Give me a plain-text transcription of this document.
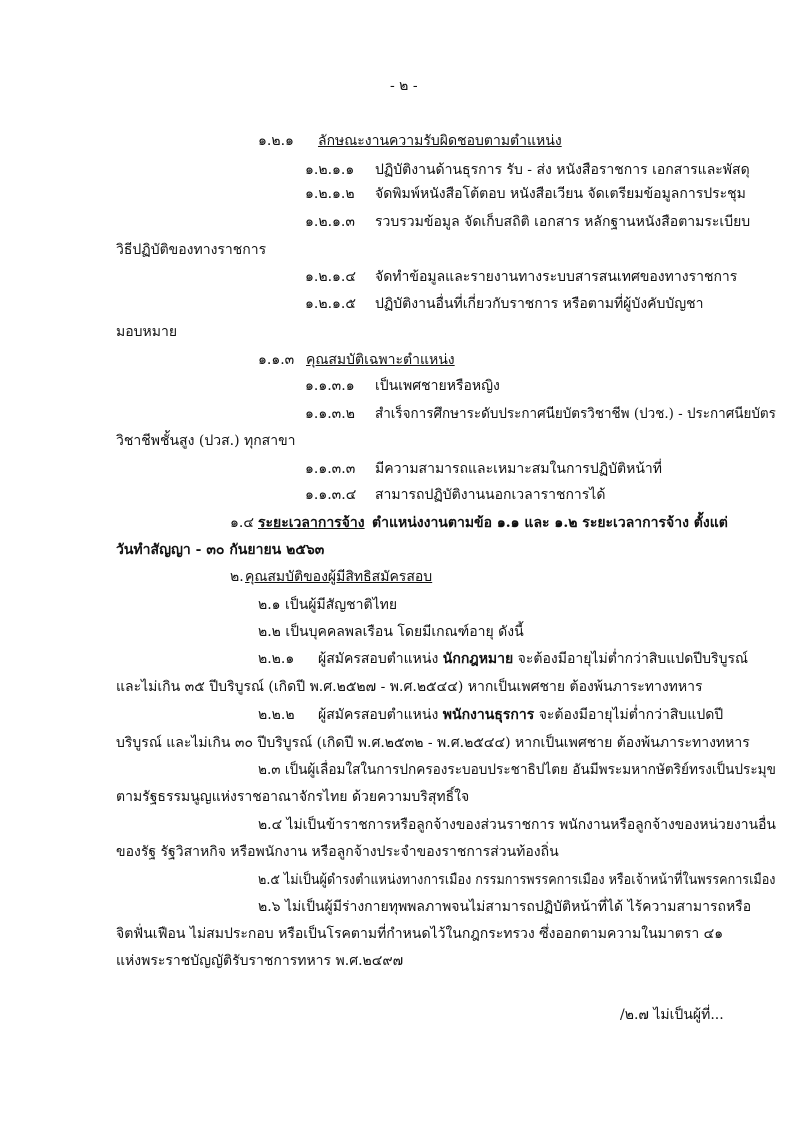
- ๒ -
๑.๒.๑ ลักษณะงานความรับผิดชอบตามตำแหน่ง
๑.๒.๑.๑ ปฏิบัติงานด้านธุรการ รับ - ส่ง หนังสือราชการ เอกสารและพัสดุ
๑.๒.๑.๒ จัดพิมพ์หนังสือโต้ตอบ หนังสือเวียน จัดเตรียมข้อมูลการประชุม
๑.๒.๑.๓ รวบรวมข้อมูล จัดเก็บสถิติ เอกสาร หลักฐานหนังสือตามระเบียบ
วิธีปฏิบัติของทางราชการ
๑.๒.๑.๔ จัดทำข้อมูลและรายงานทางระบบสารสนเทศของทางราชการ
๑.๒.๑.๕ ปฏิบัติงานอื่นที่เกี่ยวกับราชการ หรือตามที่ผู้บังคับบัญชา
มอบหมาย
๑.๑.๓ คุณสมบัติเฉพาะตำแหน่ง
๑.๑.๓.๑ เป็นเพศชายหรือหญิง
๑.๑.๓.๒ สำเร็จการศึกษาระดับประกาศนียบัตรวิชาชีพ (ปวช.) - ประกาศนียบัตร
วิชาชีพชั้นสูง (ปวส.) ทุกสาขา
๑.๑.๓.๓ มีความสามารถและเหมาะสมในการปฏิบัติหน้าที่
๑.๑.๓.๔ สามารถปฏิบัติงานนอกเวลาราชการได้
๑.๔ ระยะเวลาการจ้าง ตำแหน่งงานตามข้อ ๑.๑ และ ๑.๒ ระยะเวลาการจ้าง ตั้งแต่
วันทำสัญญา - ๓๐ กันยายน ๒๕๖๓
๒. คุณสมบัติของผู้มีสิทธิสมัครสอบ
๒.๑ เป็นผู้มีสัญชาติไทย
๒.๒ เป็นบุคคลพลเรือน โดยมีเกณฑ์อายุ ดังนี้
๒.๒.๑ ผู้สมัครสอบตำแหน่ง นักกฎหมาย จะต้องมีอายุไม่ต่ำกว่าสิบแปดปีบริบูรณ์
และไม่เกิน ๓๕ ปีบริบูรณ์ (เกิดปี พ.ศ.๒๕๒๗ - พ.ศ.๒๕๔๔) หากเป็นเพศชาย ต้องพ้นภาระทางทหาร
๒.๒.๒ ผู้สมัครสอบตำแหน่ง พนักงานธุรการ จะต้องมีอายุไม่ต่ำกว่าสิบแปดปี
บริบูรณ์ และไม่เกิน ๓๐ ปีบริบูรณ์ (เกิดปี พ.ศ.๒๕๓๒ - พ.ศ.๒๕๔๔) หากเป็นเพศชาย ต้องพ้นภาระทางทหาร
๒.๓ เป็นผู้เลื่อมใสในการปกครองระบอบประชาธิปไตย อันมีพระมหากษัตริย์ทรงเป็นประมุข
ตามรัฐธรรมนูญแห่งราชอาณาจักรไทย ด้วยความบริสุทธิ์ใจ
๒.๔ ไม่เป็นข้าราชการหรือลูกจ้างของส่วนราชการ พนักงานหรือลูกจ้างของหน่วยงานอื่น
ของรัฐ รัฐวิสาหกิจ หรือพนักงาน หรือลูกจ้างประจำของราชการส่วนท้องถิ่น
๒.๕ ไม่เป็นผู้ดำรงตำแหน่งทางการเมือง กรรมการพรรคการเมือง หรือเจ้าหน้าที่ในพรรคการเมือง
๒.๖ ไม่เป็นผู้มีร่างกายทุพพลภาพจนไม่สามารถปฏิบัติหน้าที่ได้ ไร้ความสามารถหรือ
จิตฟั่นเฟือน ไม่สมประกอบ หรือเป็นโรคตามที่กำหนดไว้ในกฎกระทรวง ซึ่งออกตามความในมาตรา ๔๑
แห่งพระราชบัญญัติรับราชการทหาร พ.ศ.๒๔๙๗
/๒.๗ ไม่เป็นผู้ที่...
